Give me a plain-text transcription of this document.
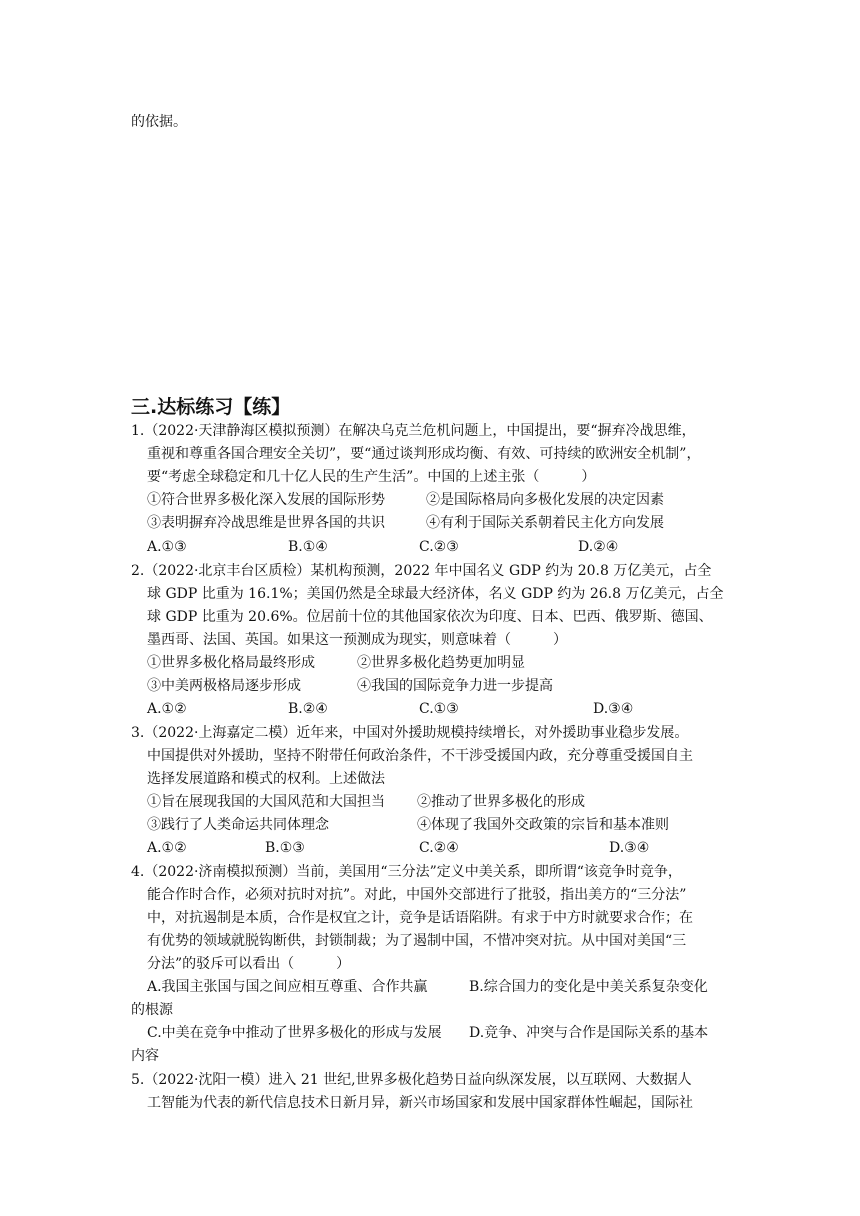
的依据。
三.达标练习【练】
1.（2022·天津静海区模拟预测）在解决乌克兰危机问题上，中国提出，要“摒弃冷战思维，
重视和尊重各国合理安全关切”，要“通过谈判形成均衡、有效、可持续的欧洲安全机制”，
要“考虑全球稳定和几十亿人民的生产生活”。中国的上述主张（　　　）
①符合世界多极化深入发展的国际形势	②是国际格局向多极化发展的决定因素
③表明摒弃冷战思维是世界各国的共识	④有利于国际关系朝着民主化方向发展
A.①③	B.①④	C.②③	D.②④
2.（2022·北京丰台区质检）某机构预测，2022 年中国名义 GDP 约为 20.8 万亿美元，占全
球 GDP 比重为 16.1%；美国仍然是全球最大经济体，名义 GDP 约为 26.8 万亿美元，占全
球 GDP 比重为 20.6%。位居前十位的其他国家依次为印度、日本、巴西、俄罗斯、德国、
墨西哥、法国、英国。如果这一预测成为现实，则意味着（　　　）
①世界多极化格局最终形成	②世界多极化趋势更加明显
③中美两极格局逐步形成	④我国的国际竞争力进一步提高
A.①②	B.②④	C.①③	D.③④
3.（2022·上海嘉定二模）近年来，中国对外援助规模持续增长，对外援助事业稳步发展。
中国提供对外援助，坚持不附带任何政治条件，不干涉受援国内政，充分尊重受援国自主
选择发展道路和模式的权利。上述做法
①旨在展现我国的大国风范和大国担当 ②推动了世界多极化的形成
③践行了人类命运共同体理念	④体现了我国外交政策的宗旨和基本准则
A.①②	B.①③	C.②④	D.③④
4.（2022·济南模拟预测）当前，美国用“三分法”定义中美关系，即所谓“该竞争时竞争，
能合作时合作，必须对抗时对抗”。对此，中国外交部进行了批驳，指出美方的“三分法”
中，对抗遏制是本质，合作是权宜之计，竞争是话语陷阱。有求于中方时就要求合作；在
有优势的领域就脱钩断供，封锁制裁；为了遏制中国，不惜冲突对抗。从中国对美国“三
分法”的驳斥可以看出（　　　）
A.我国主张国与国之间应相互尊重、合作共赢	B.综合国力的变化是中美关系复杂变化
的根源
C.中美在竞争中推动了世界多极化的形成与发展 D.竞争、冲突与合作是国际关系的基本
内容
5.（2022·沈阳一模）进入 21 世纪,世界多极化趋势日益向纵深发展，以互联网、大数据人
工智能为代表的新代信息技术日新月异，新兴市场国家和发展中国家群体性崛起，国际社
